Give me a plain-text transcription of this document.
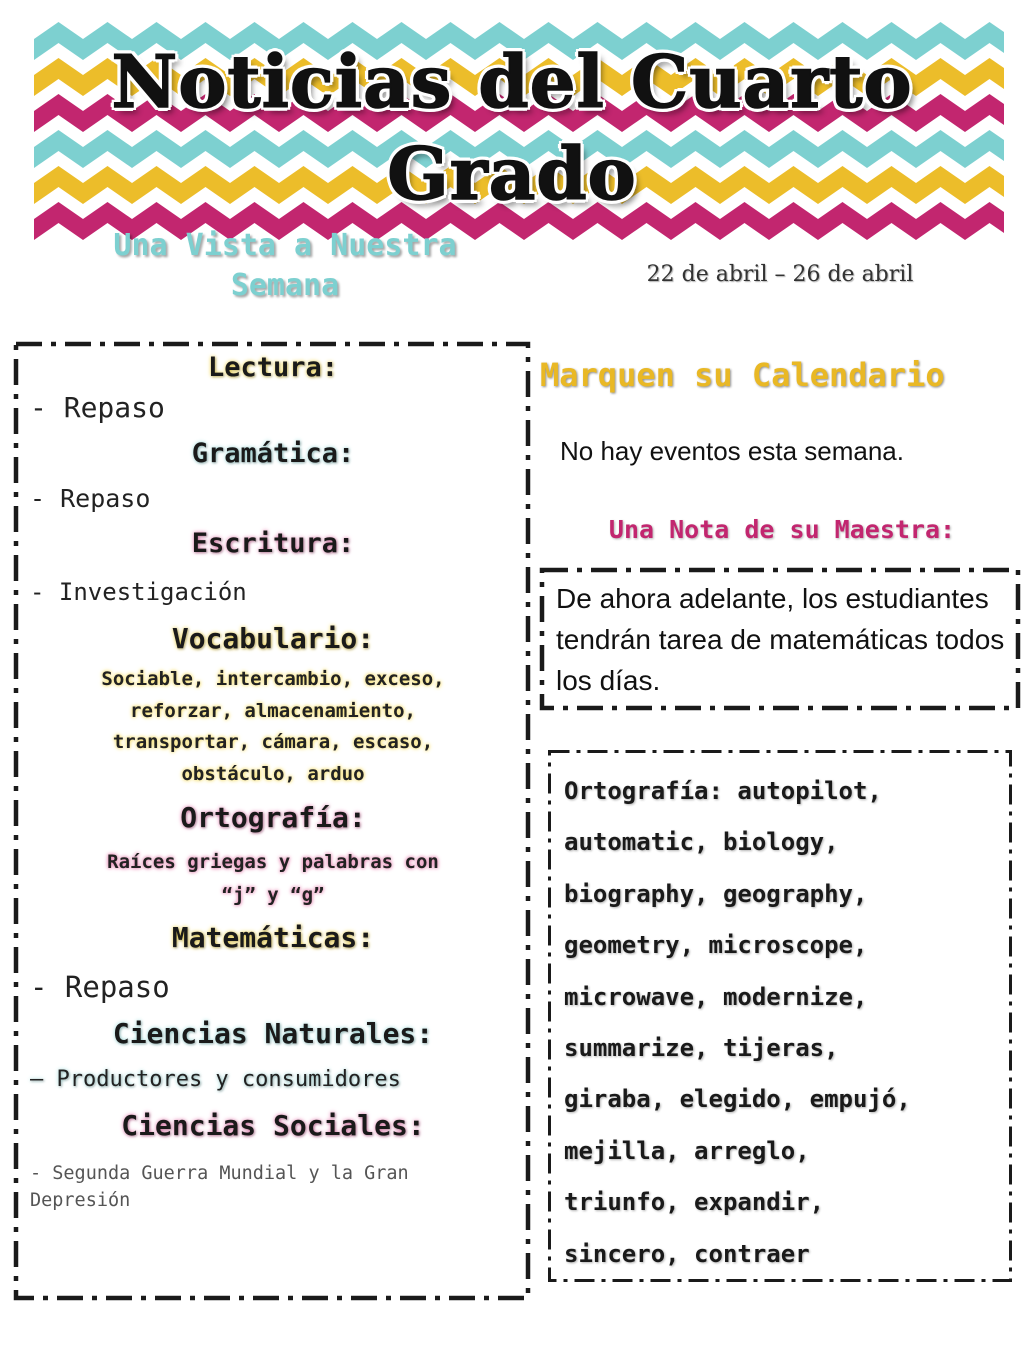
Noticias del Cuarto
Grado
Una Vista a Nuestra Semana	22 de abril – 26 de abril

Lectura:

- Repaso

Gramática:

- Repaso

Escritura:

- Investigación

Vocabulario:

Sociable, intercambio, exceso,

reforzar, almacenamiento,

transportar, cámara, escaso,

obstáculo, arduo

Ortografía:

Raíces griegas y palabras con

“j” y “g”

Matemáticas:

- Repaso

Ciencias Naturales:

– Productores y consumidores

Ciencias Sociales:

- Segunda Guerra Mundial y la Gran

Depresión

Marquen su Calendario

No hay eventos esta semana.

Una Nota de su Maestra:

De ahora adelante, los estudiantes tendrán tarea de matemáticas todos los días.

Ortografía: autopilot,
automatic, biology,
biography, geography,
geometry, microscope,
microwave, modernize,
summarize, tijeras,
giraba, elegido, empujó,
mejilla, arreglo,
triunfo, expandir,
sincero, contraer
